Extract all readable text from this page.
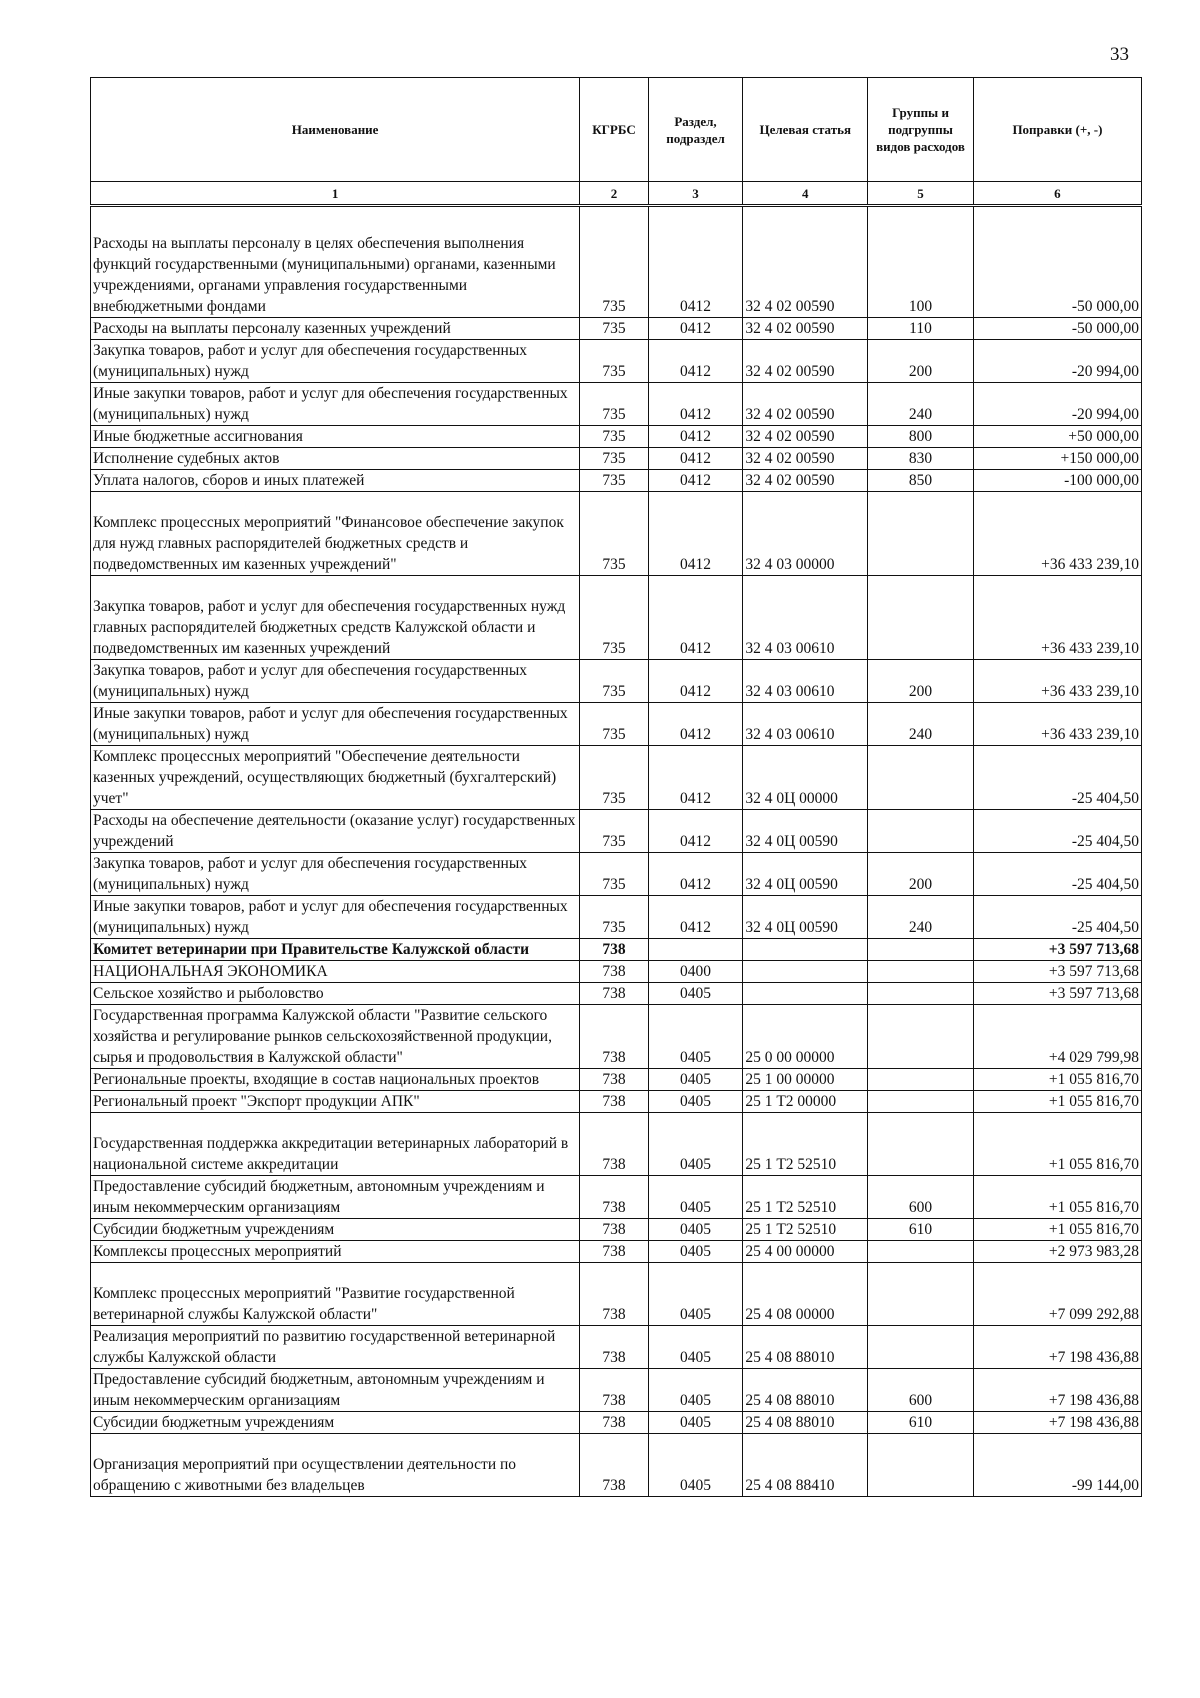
33
Наименование	КГРБС	Раздел, подраздел	Целевая статья	Группы и подгруппы видов расходов	Поправки (+, -)
1	2	3	4	5	6
Расходы на выплаты персоналу в целях обеспечения выполнения функций государственными (муниципальными) органами, казенными учреждениями, органами управления государственными внебюджетными фондами	735	0412	32 4 02 00590	100	-50 000,00
Расходы на выплаты персоналу казенных учреждений	735	0412	32 4 02 00590	110	-50 000,00
Закупка товаров, работ и услуг для обеспечения государственных (муниципальных) нужд	735	0412	32 4 02 00590	200	-20 994,00
Иные закупки товаров, работ и услуг для обеспечения государственных (муниципальных) нужд	735	0412	32 4 02 00590	240	-20 994,00
Иные бюджетные ассигнования	735	0412	32 4 02 00590	800	+50 000,00
Исполнение судебных актов	735	0412	32 4 02 00590	830	+150 000,00
Уплата налогов, сборов и иных платежей	735	0412	32 4 02 00590	850	-100 000,00
Комплекс процессных мероприятий "Финансовое обеспечение закупок для нужд главных распорядителей бюджетных средств и подведомственных им казенных учреждений"	735	0412	32 4 03 00000		+36 433 239,10
Закупка товаров, работ и услуг для обеспечения государственных нужд главных распорядителей бюджетных средств Калужской области и подведомственных им казенных учреждений	735	0412	32 4 03 00610		+36 433 239,10
Закупка товаров, работ и услуг для обеспечения государственных (муниципальных) нужд	735	0412	32 4 03 00610	200	+36 433 239,10
Иные закупки товаров, работ и услуг для обеспечения государственных (муниципальных) нужд	735	0412	32 4 03 00610	240	+36 433 239,10
Комплекс процессных мероприятий "Обеспечение деятельности казенных учреждений, осуществляющих бюджетный (бухгалтерский) учет"	735	0412	32 4 0Ц 00000		-25 404,50
Расходы на обеспечение деятельности (оказание услуг) государственных учреждений	735	0412	32 4 0Ц 00590		-25 404,50
Закупка товаров, работ и услуг для обеспечения государственных (муниципальных) нужд	735	0412	32 4 0Ц 00590	200	-25 404,50
Иные закупки товаров, работ и услуг для обеспечения государственных (муниципальных) нужд	735	0412	32 4 0Ц 00590	240	-25 404,50
Комитет ветеринарии при Правительстве Калужской области	738				+3 597 713,68
НАЦИОНАЛЬНАЯ ЭКОНОМИКА	738	0400			+3 597 713,68
Сельское хозяйство и рыболовство	738	0405			+3 597 713,68
Государственная программа Калужской области "Развитие сельского хозяйства и регулирование рынков сельскохозяйственной продукции, сырья и продовольствия в Калужской области"	738	0405	25 0 00 00000		+4 029 799,98
Региональные проекты, входящие в состав национальных проектов	738	0405	25 1 00 00000		+1 055 816,70
Региональный проект "Экспорт продукции АПК"	738	0405	25 1 Т2 00000		+1 055 816,70
Государственная поддержка аккредитации ветеринарных лабораторий в национальной системе аккредитации	738	0405	25 1 Т2 52510		+1 055 816,70
Предоставление субсидий бюджетным, автономным учреждениям и иным некоммерческим организациям	738	0405	25 1 Т2 52510	600	+1 055 816,70
Субсидии бюджетным учреждениям	738	0405	25 1 Т2 52510	610	+1 055 816,70
Комплексы процессных мероприятий	738	0405	25 4 00 00000		+2 973 983,28
Комплекс процессных мероприятий "Развитие государственной ветеринарной службы Калужской области"	738	0405	25 4 08 00000		+7 099 292,88
Реализация мероприятий по развитию государственной ветеринарной службы Калужской области	738	0405	25 4 08 88010		+7 198 436,88
Предоставление субсидий бюджетным, автономным учреждениям и иным некоммерческим организациям	738	0405	25 4 08 88010	600	+7 198 436,88
Субсидии бюджетным учреждениям	738	0405	25 4 08 88010	610	+7 198 436,88
Организация мероприятий при осуществлении деятельности по обращению с животными без владельцев	738	0405	25 4 08 88410		-99 144,00
